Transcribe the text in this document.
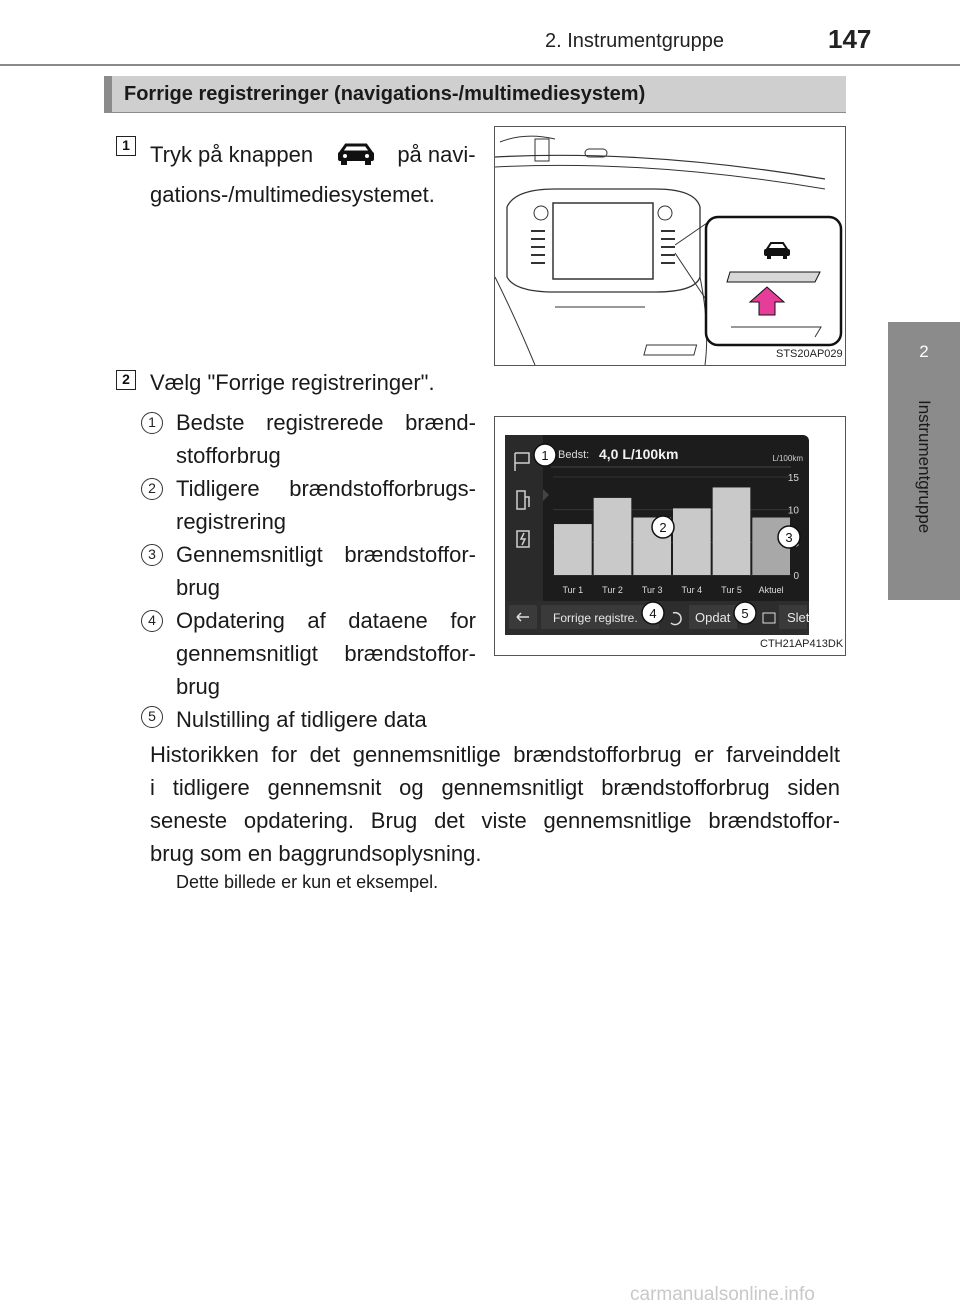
2. Instrumentgruppe	147
2
Instrumentgruppe
Forrige registreringer (navigations-/multimediesystem)
1 Tryk på knappen	på navi-
gations-/multimediesystemet.
STS20AP029
2 Vælg "Forrige registreringer".
1 Bedste registrerede brænd-
stofforbrug
2 Tidligere brændstofforbrugs-
registrering
3 Gennemsnitligt brændstoffor-
brug
4 Opdatering af dataene for
gennemsnitligt brændstoffor-
brug
5 Nulstilling af tidligere data
Bedst: 4,0 L/100km	L/100km
0
10
15
Tur 1 Tur 2 Tur 3 Tur 4 Tur 5 Aktuel
Forrige registre.	Opdat	Slet
1
2
3
4	5
CTH21AP413DK
Historikken for det gennemsnitlige brændstofforbrug er farveinddelt
i tidligere gennemsnit og gennemsnitligt brændstofforbrug siden
seneste opdatering. Brug det viste gennemsnitlige brændstoffor-
brug som en baggrundsoplysning.
Dette billede er kun et eksempel.
carmanualsonline.info
